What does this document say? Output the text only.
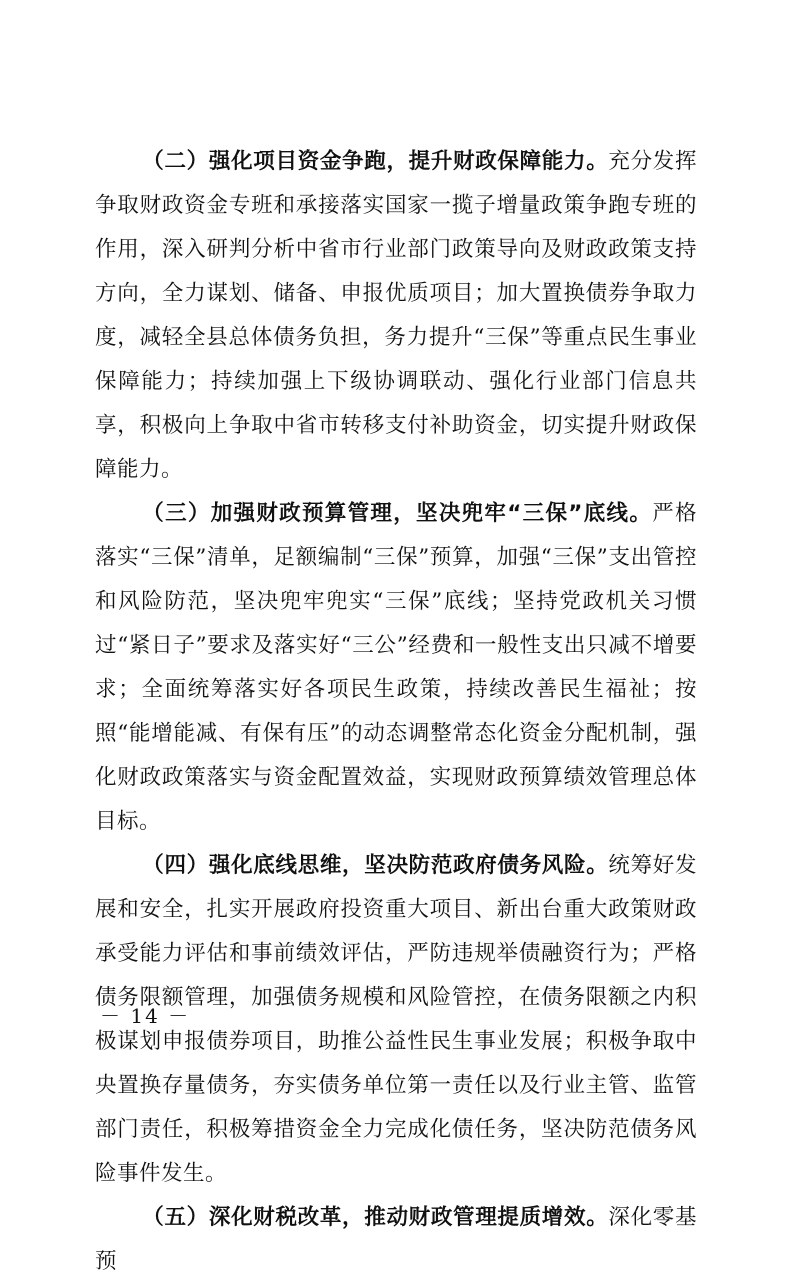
（二）强化项目资金争跑，提升财政保障能力。充分发挥争取财政资金专班和承接落实国家一揽子增量政策争跑专班的作用，深入研判分析中省市行业部门政策导向及财政政策支持方向，全力谋划、储备、申报优质项目；加大置换债券争取力度，减轻全县总体债务负担，务力提升“三保”等重点民生事业保障能力；持续加强上下级协调联动、强化行业部门信息共享，积极向上争取中省市转移支付补助资金，切实提升财政保障能力。

（三）加强财政预算管理，坚决兜牢“三保”底线。严格落实“三保”清单，足额编制“三保”预算，加强“三保”支出管控和风险防范，坚决兜牢兜实“三保”底线；坚持党政机关习惯过“紧日子”要求及落实好“三公”经费和一般性支出只减不增要求；全面统筹落实好各项民生政策，持续改善民生福祉；按照“能增能减、有保有压”的动态调整常态化资金分配机制，强化财政政策落实与资金配置效益，实现财政预算绩效管理总体目标。

（四）强化底线思维，坚决防范政府债务风险。统筹好发展和安全，扎实开展政府投资重大项目、新出台重大政策财政承受能力评估和事前绩效评估，严防违规举债融资行为；严格债务限额管理，加强债务规模和风险管控，在债务限额之内积极谋划申报债券项目，助推公益性民生事业发展；积极争取中央置换存量债务，夯实债务单位第一责任以及行业主管、监管部门责任，积极筹措资金全力完成化债任务，坚决防范债务风险事件发生。

（五）深化财税改革，推动财政管理提质增效。深化零基预

－ 14 －
